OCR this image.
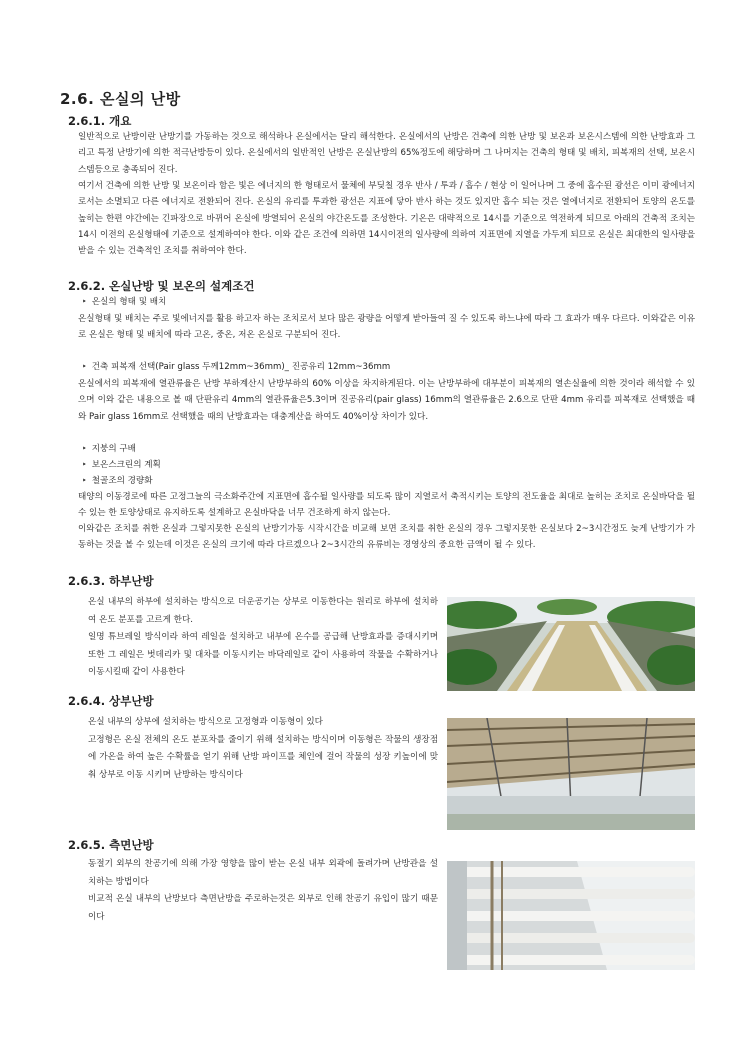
2.6. 온실의 난방
2.6.1. 개요
일반적으로 난방이란 난방기를 가동하는 것으로 해석하나 온실에서는 달리 해석한다. 온실에서의 난방은 건축에 의한 난방 및 보온과 보온시스템에 의한 난방효과 그리고 특정 난방기에 의한 적극난방등이 있다. 온실에서의 일반적인 난방은 온실난방의 65%정도에 해당하며 그 나머지는 건축의 형태 및 배치, 피복재의 선택, 보온시스템등으로 충족되어 진다.
여기서 건축에 의한 난방 및 보온이라 함은 빛은 에너지의 한 형태로서 물체에 부딪칠 경우 반사 / 투과 / 흡수 / 현상 이 일어나며 그 중에 흡수된 광선은 이미 광에너지로서는 소멸되고 다른 에너지로 전환되어 진다. 온실의 유리를 투과한 광선은 지표에 닿아 반사 하는 것도 있지만 흡수 되는 것은 열에너지로 전환되어 토양의 온도를 높히는 한편 야간에는 긴파장으로 바뀌어 온실에 방열되어 온실의 야간온도를 조성한다. 기온은 대략적으로 14시를 기준으로 역전하게 되므로 아래의 건축적 조치는 14시 이전의 온실형태에 기준으로 설계하여야 한다. 이와 같은 조건에 의하면 14시이전의 일사량에 의하여 지표면에 지열을 가두게 되므로 온실은 최대한의 일사량을 받을 수 있는 건축적인 조치를 취하여야 한다.
2.6.2. 온실난방 및 보온의 설계조건
‣ 온실의 형태 및 배치
온실형태 및 배치는 주로 빛에너지를 활용 하고자 하는 조치로서 보다 많은 광량을 어떻게 받아들여 질 수 있도록 하느냐에 따라 그 효과가 매우 다르다. 이와같은 이유로 온실은 형태 및 배치에 따라 고온, 중온, 저온 온실로 구분되어 진다.
‣ 건축 피복재 선택(Pair glass 두께12mm~36mm)_ 진공유리 12mm~36mm
온실에서의 피복재에 열관류율은 난방 부하계산시 난방부하의 60% 이상을 차지하게된다. 이는 난방부하에 대부분이 피복재의 열손실율에 의한 것이라 해석할 수 있으며 이와 같은 내용으로 볼 때 단판유리 4mm의 열관류율은5.3이며 진공유리(pair glass) 16mm의 열관류율은 2.6으로 단판 4mm 유리를 피복재로 선택했을 때와 Pair glass 16mm로 선택했을 때의 난방효과는 대충계산을 하여도 40%이상 차이가 있다.
‣ 지붕의 구배
‣ 보온스크린의 계획
‣ 철골조의 경량화
태양의 이동경로에 따른 고정그늘의 극소화주간에 지표면에 흡수될 일사량를 되도록 많이 지열로서 축적시키는 토양의 전도율을 최대로 높히는 조치로 온실바닥을 될 수 있는 한 토양상태로 유지하도록 설계하고 온실바닥을 너무 건조하게 하지 않는다.
이와같은 조치를 취한 온실과 그렇지못한 온실의 난방기가동 시작시간을 비교해 보면 조치를 취한 온실의 경우 그렇지못한 온실보다 2~3시간정도 늦게 난방기가 가동하는 것을 볼 수 있는데 이것은 온실의 크기에 따라 다르겠으나 2~3시간의 유류비는 경영상의 중요한 금액이 될 수 있다.
2.6.3. 하부난방
온실 내부의 하부에 설치하는 방식으로 더운공기는 상부로 이동한다는 원리로 하부에 설치하여 온도 분포를 고르게 한다.
일명 튜브레일 방식이라 하여 레일을 설치하고 내부에 온수를 공급해 난방효과를 증대시키며 또한 그 레일은 벗데리카 및 대차를 이동시키는 바닥레일로 같이 사용하여 작물을 수확하거나이동시킬때 같이 사용한다
2.6.4. 상부난방
온실 내부의 상부에 설치하는 방식으로 고정형과 이동형이 있다
고정형은 온실 전체의 온도 분포차를 줄이기 위해 설치하는 방식이며 이동형은 작물의 생장점에 가온을 하여 높은 수확률을 얻기 위해 난방 파이프를 체인에 걸어 작물의 성장 키높이에 맞춰 상부로 이동 시키며 난방하는 방식이다
2.6.5. 측면난방
동절기 외부의 찬공기에 의해 가장 영향을 많이 받는 온실 내부 외곽에 돌려가며 난방관을 설치하는 방법이다
비교적 온실 내부의 난방보다 측면난방을 주로하는것은 외부로 인해 찬공기 유입이 많기 때문이다
